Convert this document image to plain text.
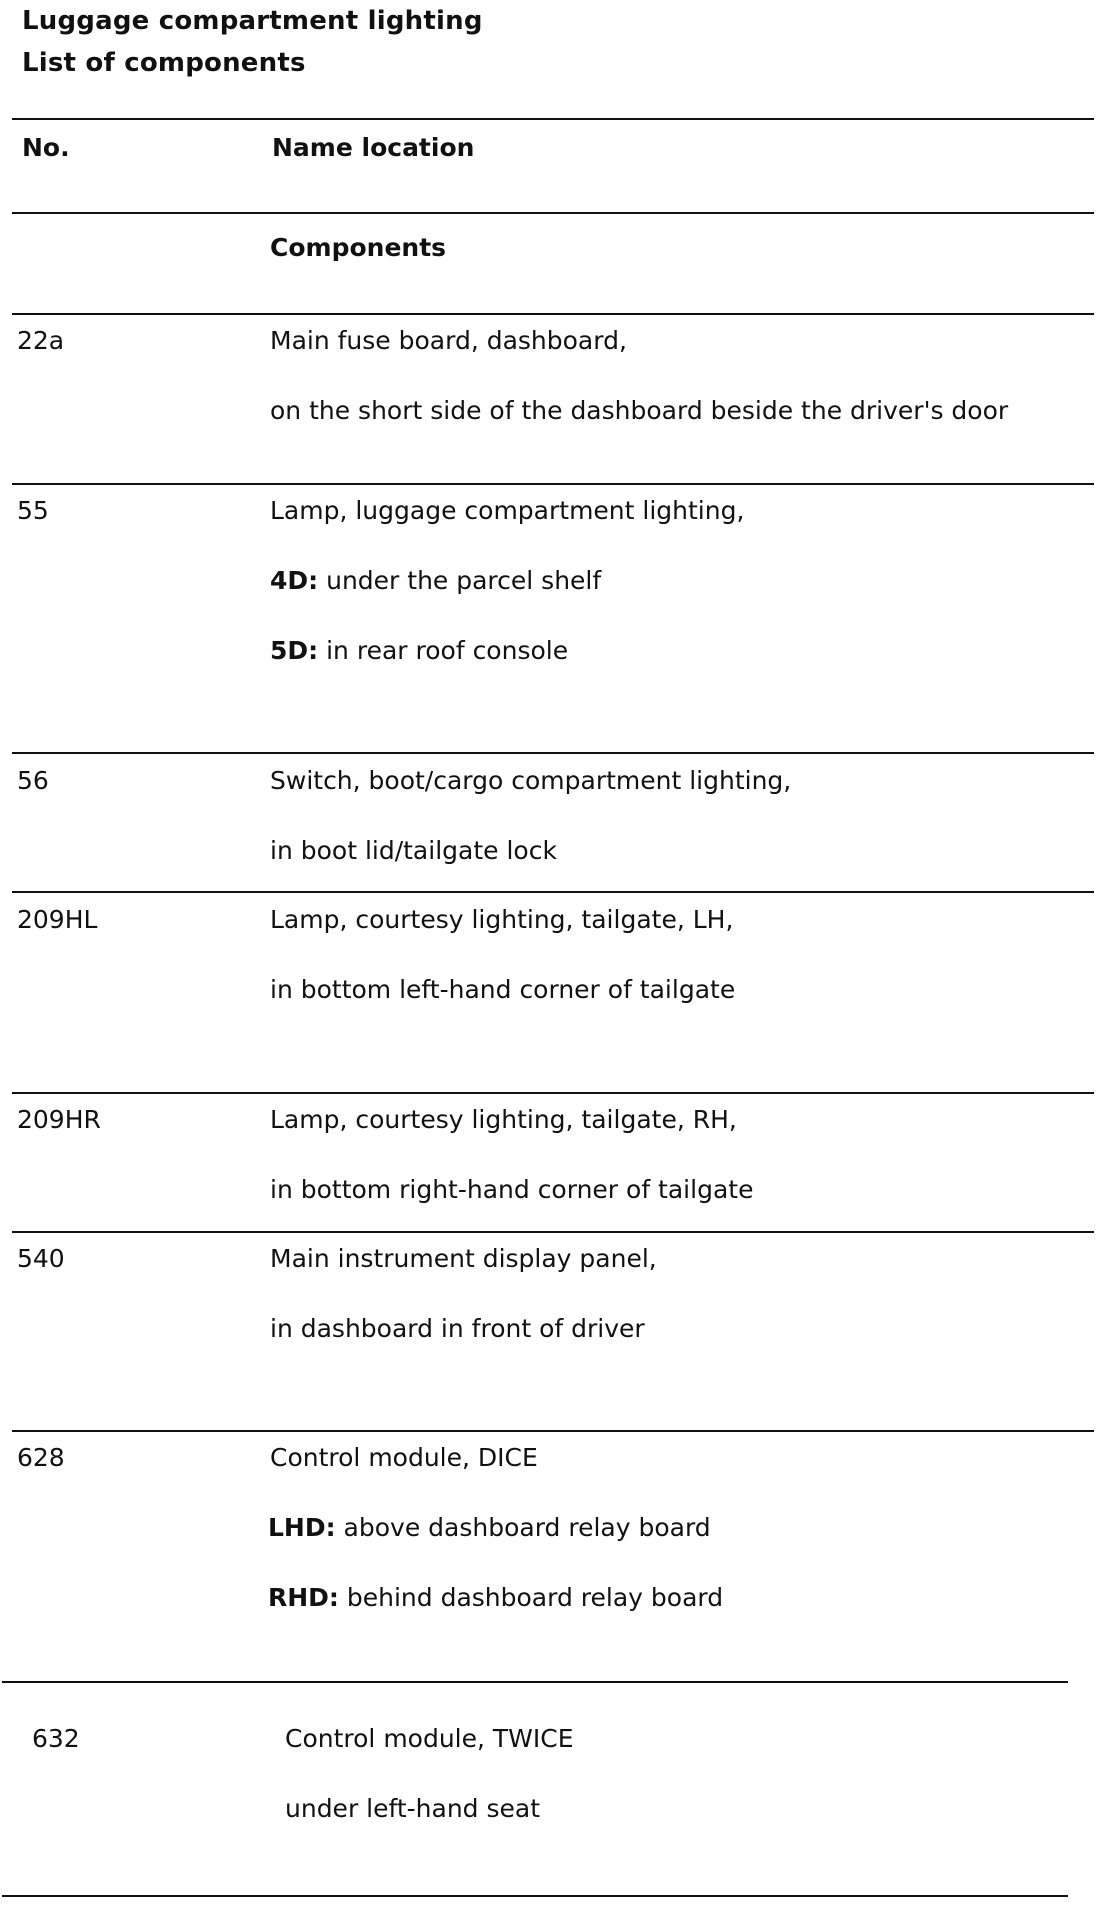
Luggage compartment lighting
List of components
No.	Name location
Components
22a	Main fuse board, dashboard,
on the short side of the dashboard beside the driver's door
55	Lamp, luggage compartment lighting,
4D: under the parcel shelf
5D: in rear roof console
56	Switch, boot/cargo compartment lighting,
in boot lid/tailgate lock
209HL	Lamp, courtesy lighting, tailgate, LH,
in bottom left-hand corner of tailgate
209HR	Lamp, courtesy lighting, tailgate, RH,
in bottom right-hand corner of tailgate
540	Main instrument display panel,
in dashboard in front of driver
628	Control module, DICE
LHD: above dashboard relay board
RHD: behind dashboard relay board
632	Control module, TWICE
under left-hand seat
